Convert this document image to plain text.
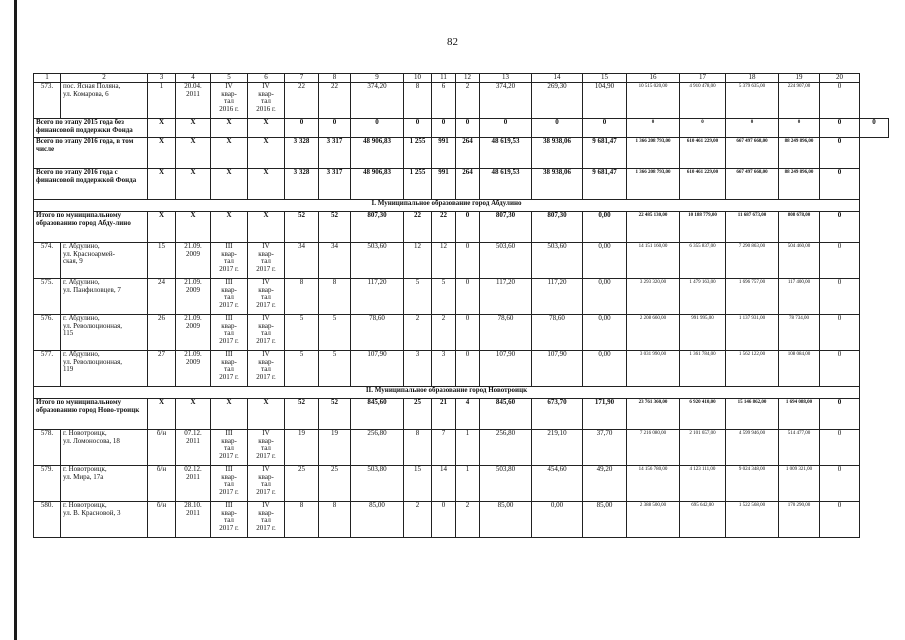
82
1	2	3	4	5	6	7	8	9	10	11	12	13	14	15	16	17	18	19	20	
573.	пос. Ясная Поляна,
ул. Комарова, 6	1	20.04.
2011	IV
квар-
тал
2016 г.	IV
квар-
тал
2016 г.	22	22	374,20	8	6	2	374,20	269,30	104,90	10 515 020,00	4 910 478,00	5 379 635,00	224 907,00	0	
Всего по этапу 2015 года без финансовой поддержки Фонда		X	X	X	X	0	0	0	0	0	0	0	0	0	0	0	0	0	0	0
Всего по этапу 2016 года, в том числе		X	X	X	X	3 328	3 317	48 906,83	1 255	991	264	48 619,53	38 938,06	9 681,47	1 366 208 793,00	610 461 229,00	667 497 668,00	88 249 896,00	0	
Всего по этапу 2016 года с финансовой поддержкой Фонда		X	X	X	X	3 328	3 317	48 906,83	1 255	991	264	48 619,53	38 938,06	9 681,47	1 366 208 793,00	610 461 229,00	667 497 668,00	88 249 896,00	0	
I. Муниципальное образование город Абдулино																				
Итого по муниципальному образованию город Абду-лино		X	X	X	X	52	52	807,30	22	22	0	807,30	807,30	0,00	22 485 130,00	10 188 779,00	11 687 673,00	808 678,00	0	
574.	г. Абдулино,
ул. Красноармей-
ская, 9	15	21.09.
2009	III
квар-
тал
2017 г.	IV
квар-
тал
2017 г.	34	34	503,60	12	12	0	503,60	503,60	0,00	14 151 160,00	6 355 837,00	7 290 863,00	504 460,00	0	
575.	г. Абдулино,
ул. Панфиловцев, 7	24	21.09.
2009	III
квар-
тал
2017 г.	IV
квар-
тал
2017 г.	8	8	117,20	5	5	0	117,20	117,20	0,00	3 293 320,00	1 479 163,00	1 696 757,00	117 400,00	0	
576.	г. Абдулино,
ул. Революционная,
115	26	21.09.
2009	III
квар-
тал
2017 г.	IV
квар-
тал
2017 г.	5	5	78,60	2	2	0	78,60	78,60	0,00	2 208 660,00	991 995,00	1 137 931,00	78 734,00	0	
577.	г. Абдулино,
ул. Революционная,
119	27	21.09.
2009	III
квар-
тал
2017 г.	IV
квар-
тал
2017 г.	5	5	107,90	3	3	0	107,90	107,90	0,00	3 031 990,00	1 361 784,00	1 562 122,00	108 084,00	0	
II. Муниципальное образование город Новотроицк																				
Итого по муниципальному образованию город Ново-троицк		X	X	X	X	52	52	845,60	25	21	4	845,60	673,70	171,90	23 761 360,00	6 920 410,00	15 146 862,00	1 694 088,00	0	
578.	г. Новотроицк,
ул. Ломоносова, 18	б/н	07.12.
2011	III
квар-
тал
2017 г.	IV
квар-
тал
2017 г.	19	19	256,80	8	7	1	256,80	219,10	37,70	7 216 080,00	2 101 657,00	4 599 946,00	514 477,00	0	
579.	г. Новотроицк,
ул. Мира, 17а	б/н	02.12.
2011	III
квар-
тал
2017 г.	IV
квар-
тал
2017 г.	25	25	503,80	15	14	1	503,80	454,60	49,20	14 156 780,00	4 123 111,00	9 024 348,00	1 009 321,00	0	
580.	г. Новотроицк,
ул. В. Красновой, 3	б/н	28.10.
2011	III
квар-
тал
2017 г.	IV
квар-
тал
2017 г.	8	8	85,00	2	0	2	85,00	0,00	85,00	2 388 500,00	695 642,00	1 522 568,00	170 290,00	0	
